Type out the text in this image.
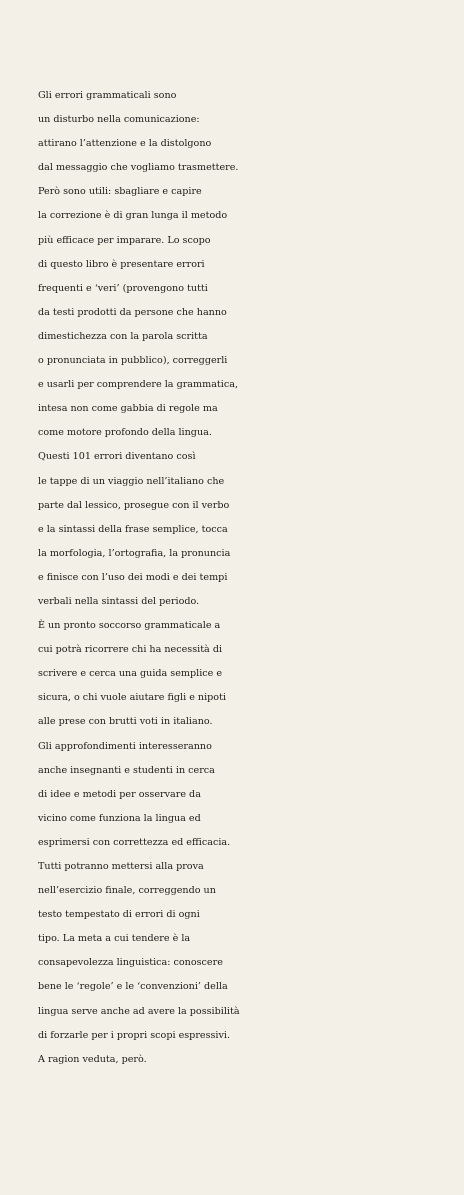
Gli errori grammaticali sono
un disturbo nella comunicazione:
attirano l’attenzione e la distolgono
dal messaggio che vogliamo trasmettere.
Però sono utili: sbagliare e capire
la correzione è di gran lunga il metodo
più efficace per imparare. Lo scopo
di questo libro è presentare errori
frequenti e ‘veri’ (provengono tutti
da testi prodotti da persone che hanno
dimestichezza con la parola scritta
o pronunciata in pubblico), correggerli
e usarli per comprendere la grammatica,
intesa non come gabbia di regole ma
come motore profondo della lingua.
Questi 101 errori diventano così
le tappe di un viaggio nell’italiano che
parte dal lessico, prosegue con il verbo
e la sintassi della frase semplice, tocca
la morfologia, l’ortografia, la pronuncia
e finisce con l’uso dei modi e dei tempi
verbali nella sintassi del periodo.
È un pronto soccorso grammaticale a
cui potrà ricorrere chi ha necessità di
scrivere e cerca una guida semplice e
sicura, o chi vuole aiutare figli e nipoti
alle prese con brutti voti in italiano.
Gli approfondimenti interesseranno
anche insegnanti e studenti in cerca
di idee e metodi per osservare da
vicino come funziona la lingua ed
esprimersi con correttezza ed efficacia.
Tutti potranno mettersi alla prova
nell’esercizio finale, correggendo un
testo tempestato di errori di ogni
tipo. La meta a cui tendere è la
consapevolezza linguistica: conoscere
bene le ‘regole’ e le ‘convenzioni’ della
lingua serve anche ad avere la possibilità
di forzarle per i propri scopi espressivi.
A ragion veduta, però.
